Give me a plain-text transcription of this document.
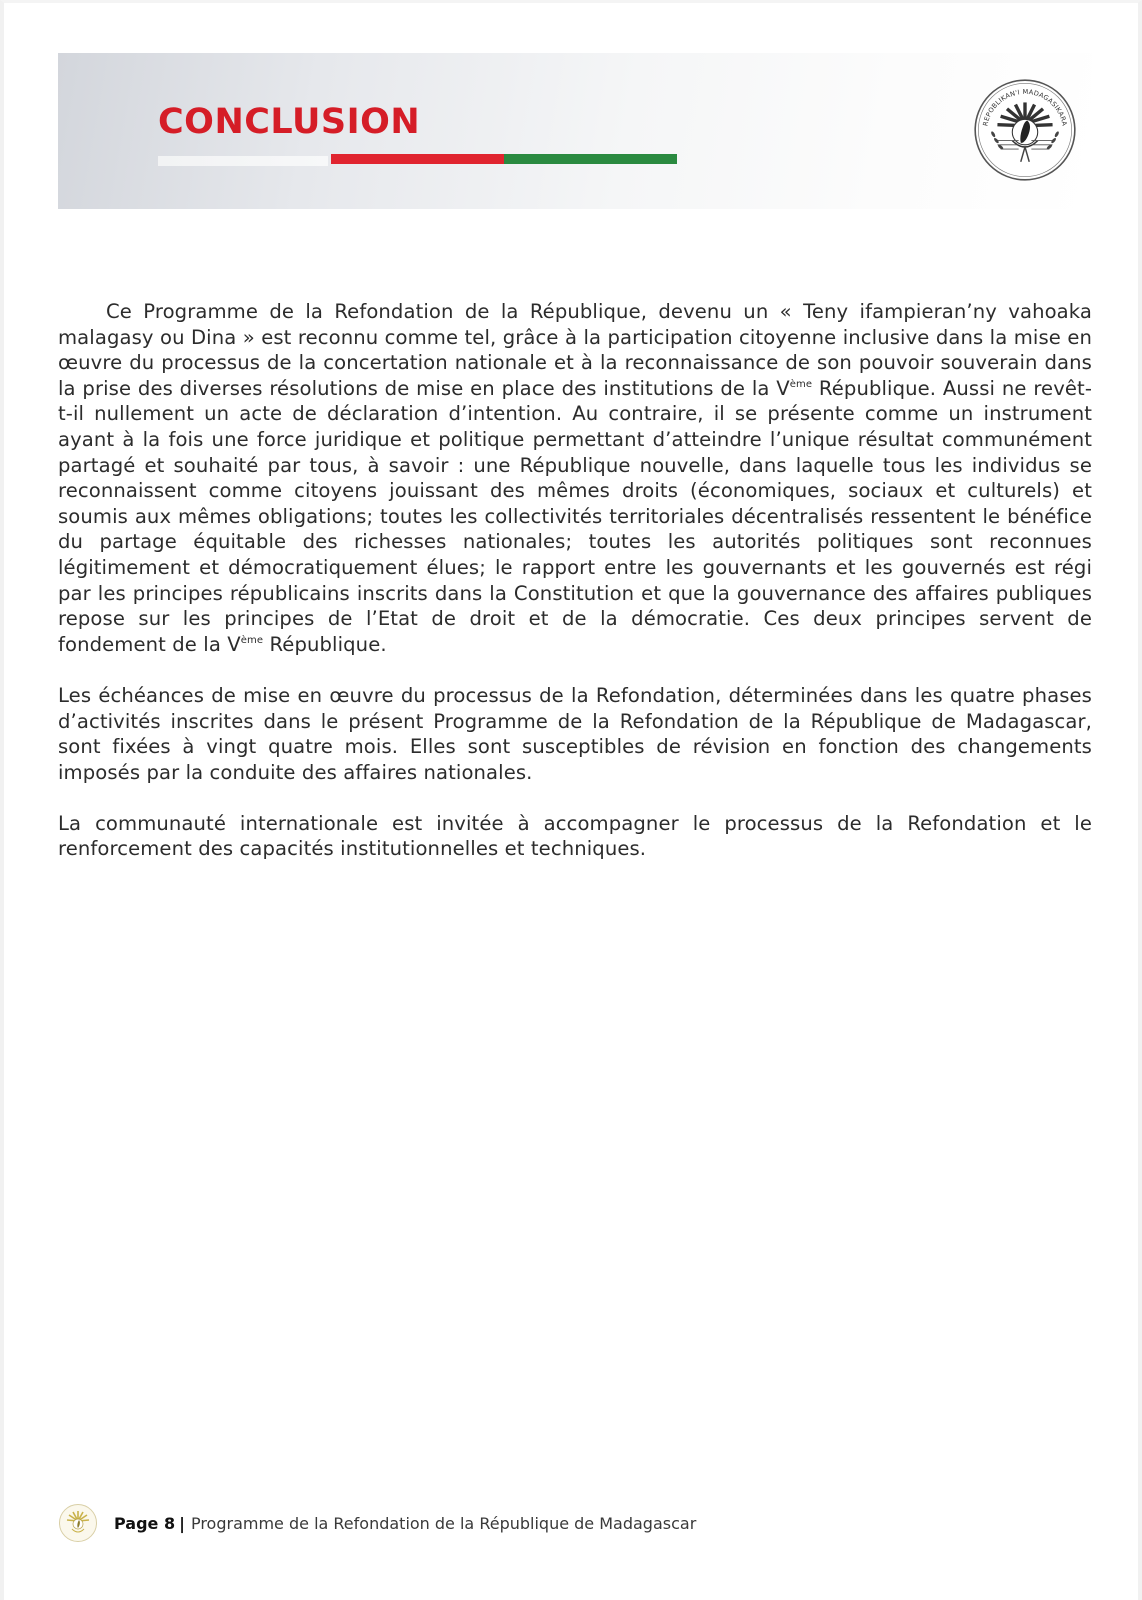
CONCLUSION	REPOBLIKAN'I MADAGASIKARA

Ce Programme de la Refondation de la République, devenu un « Teny ifampieran’ny vahoaka malagasy ou Dina » est reconnu comme tel, grâce à la participation citoyenne inclusive dans la mise en œuvre du processus de la concertation nationale et à la reconnaissance de son pouvoir souverain dans la prise des diverses résolutions de mise en place des institutions de la Vème République. Aussi ne revêt-t-il nullement un acte de déclaration d’intention. Au contraire, il se présente comme un instrument ayant à la fois une force juridique et politique permettant d’atteindre l’unique résultat communément partagé et souhaité par tous, à savoir : une République nouvelle, dans laquelle tous les individus se reconnaissent comme citoyens jouissant des mêmes droits (économiques, sociaux et culturels) et soumis aux mêmes obligations; toutes les collectivités territoriales décentralisés ressentent le bénéfice du partage équitable des richesses nationales; toutes les autorités politiques sont reconnues légitimement et démocratiquement élues; le rapport entre les gouvernants et les gouvernés est régi par les principes républicains inscrits dans la Constitution et que la gouvernance des affaires publiques repose sur les principes de l’Etat de droit et de la démocratie. Ces deux principes servent de fondement de la Vème République.

Les échéances de mise en œuvre du processus de la Refondation, déterminées dans les quatre phases d’activités inscrites dans le présent Programme de la Refondation de la République de Madagascar, sont fixées à vingt quatre mois. Elles sont susceptibles de révision en fonction des changements imposés par la conduite des affaires nationales.

La communauté internationale est invitée à accompagner le processus de la Refondation et le renforcement des capacités institutionnelles et techniques.

Page 8 | Programme de la Refondation de la République de Madagascar
